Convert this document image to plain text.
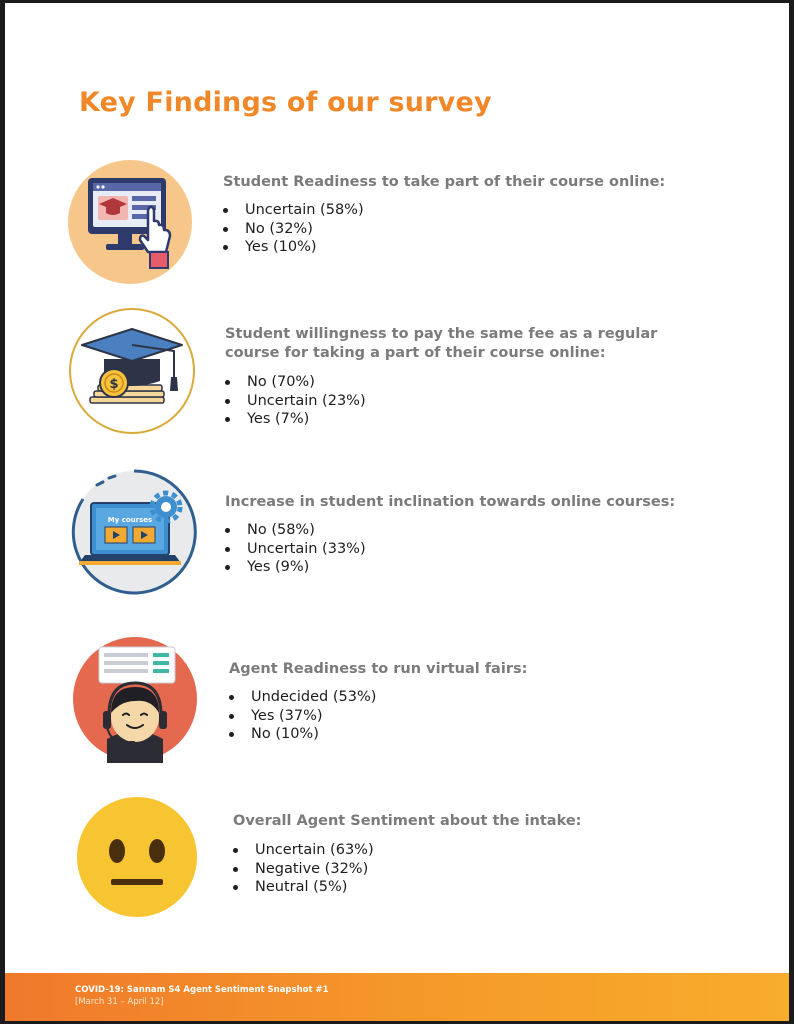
Key Findings of our survey

Student Readiness to take part of their course online:

Uncertain (58%)
No (32%)
Yes (10%)
$

Student willingness to pay the same fee as a regular course for taking a part of their course online:

No (70%)
Uncertain (23%)
Yes (7%)
My courses

Increase in student inclination towards online courses:

No (58%)
Uncertain (33%)
Yes (9%)

Agent Readiness to run virtual fairs:

Undecided (53%)
Yes (37%)
No (10%)

Overall Agent Sentiment about the intake:

Uncertain (63%)
Negative (32%)
Neutral (5%)
COVID-19: Sannam S4 Agent Sentiment Snapshot #1
[March 31 – April 12]
